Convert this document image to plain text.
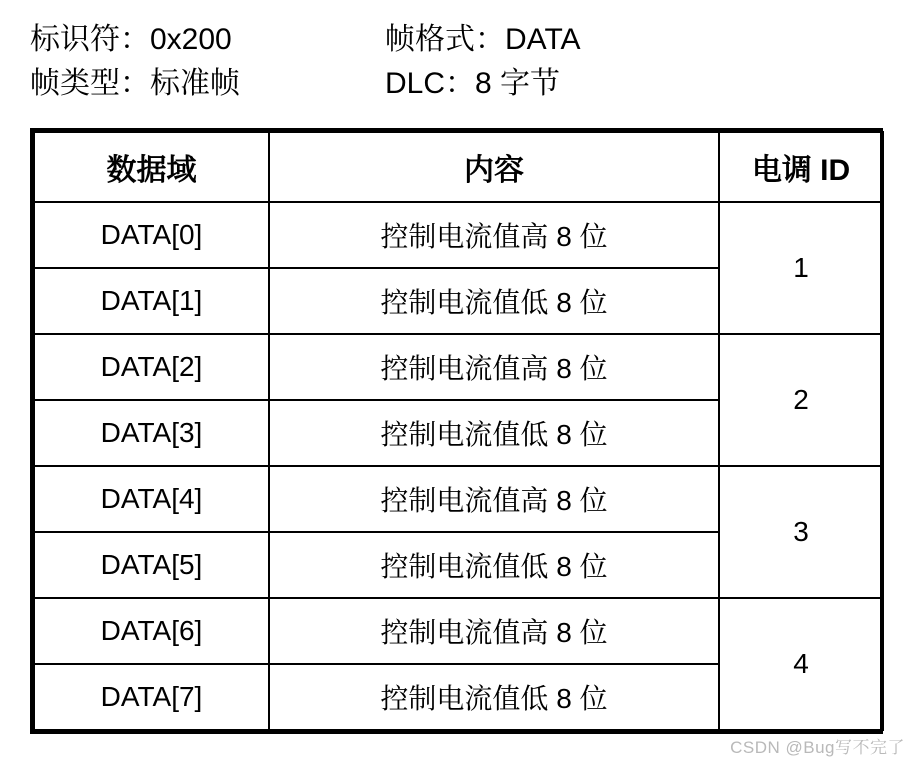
标识符：0x200	帧格式：DATA
帧类型：标准帧	DLC：8 字节
数据域	内容	电调 ID
DATA[0]	控制电流值高 8 位	1
DATA[1]	控制电流值低 8 位	
DATA[2]	控制电流值高 8 位	2
DATA[3]	控制电流值低 8 位	
DATA[4]	控制电流值高 8 位	3
DATA[5]	控制电流值低 8 位	
DATA[6]	控制电流值高 8 位	4
DATA[7]	控制电流值低 8 位	
CSDN @Bug写不完了
